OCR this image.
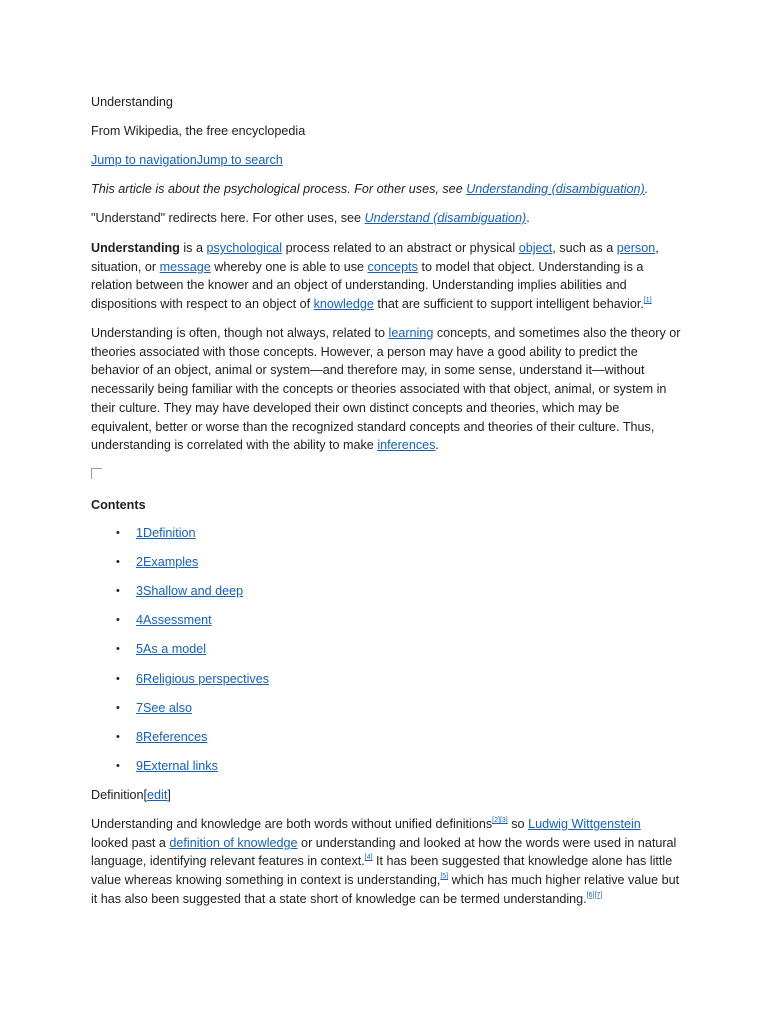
Understanding
From Wikipedia, the free encyclopedia
Jump to navigationJump to search
This article is about the psychological process. For other uses, see Understanding (disambiguation).
"Understand" redirects here. For other uses, see Understand (disambiguation).
Understanding is a psychological process related to an abstract or physical object, such as a person, situation, or message whereby one is able to use concepts to model that object. Understanding is a relation between the knower and an object of understanding. Understanding implies abilities and dispositions with respect to an object of knowledge that are sufficient to support intelligent behavior.[1]
Understanding is often, though not always, related to learning concepts, and sometimes also the theory or theories associated with those concepts. However, a person may have a good ability to predict the behavior of an object, animal or system—and therefore may, in some sense, understand it—without necessarily being familiar with the concepts or theories associated with that object, animal, or system in their culture. They may have developed their own distinct concepts and theories, which may be equivalent, better or worse than the recognized standard concepts and theories of their culture. Thus, understanding is correlated with the ability to make inferences.
Contents
• 1Definition
• 2Examples
• 3Shallow and deep
• 4Assessment
• 5As a model
• 6Religious perspectives
• 7See also
• 8References
• 9External links
Definition[edit]
Understanding and knowledge are both words without unified definitions[2][3] so Ludwig Wittgenstein looked past a definition of knowledge or understanding and looked at how the words were used in natural language, identifying relevant features in context.[4] It has been suggested that knowledge alone has little value whereas knowing something in context is understanding,[5] which has much higher relative value but it has also been suggested that a state short of knowledge can be termed understanding.[6][7]
